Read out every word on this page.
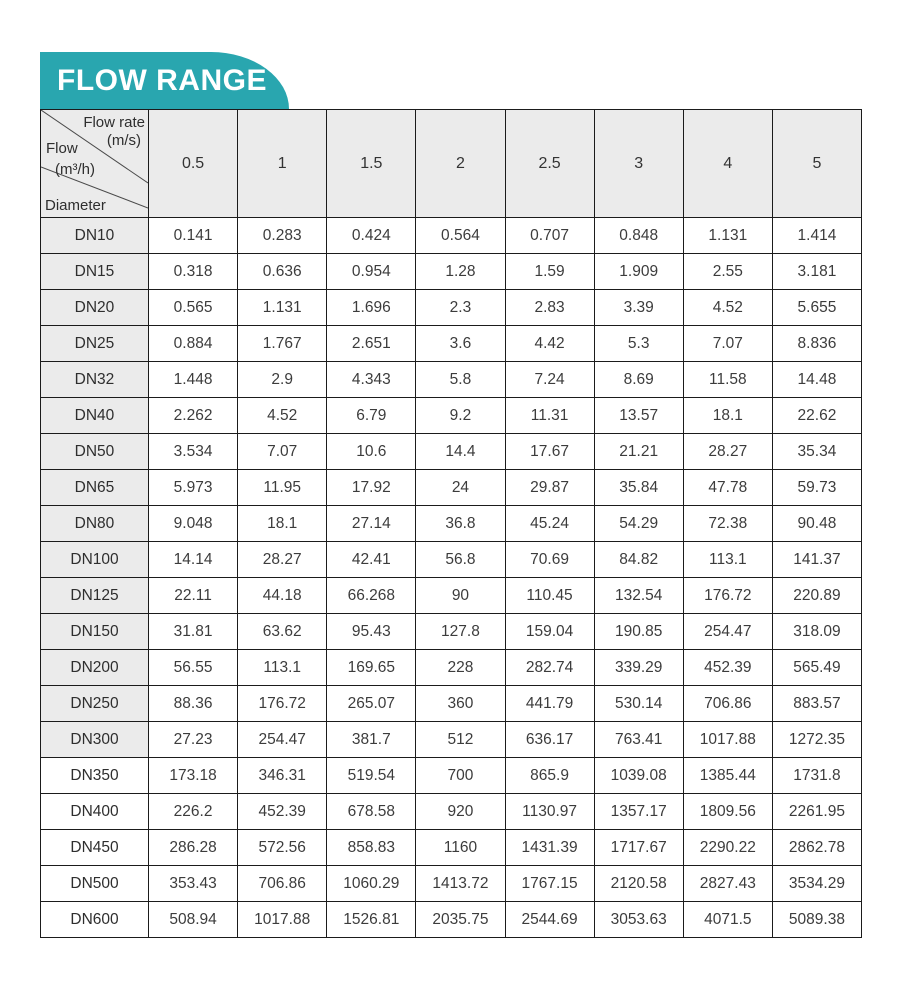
FLOW RANGE
Flow rate
(m/s)
Flow
(m³/h)
Diameter	0.5	1	1.5	2	2.5	3	4	5
DN10	0.141	0.283	0.424	0.564	0.707	0.848	1.131	1.414
DN15	0.318	0.636	0.954	1.28	1.59	1.909	2.55	3.181
DN20	0.565	1.131	1.696	2.3	2.83	3.39	4.52	5.655
DN25	0.884	1.767	2.651	3.6	4.42	5.3	7.07	8.836
DN32	1.448	2.9	4.343	5.8	7.24	8.69	11.58	14.48
DN40	2.262	4.52	6.79	9.2	11.31	13.57	18.1	22.62
DN50	3.534	7.07	10.6	14.4	17.67	21.21	28.27	35.34
DN65	5.973	11.95	17.92	24	29.87	35.84	47.78	59.73
DN80	9.048	18.1	27.14	36.8	45.24	54.29	72.38	90.48
DN100	14.14	28.27	42.41	56.8	70.69	84.82	113.1	141.37
DN125	22.11	44.18	66.268	90	110.45	132.54	176.72	220.89
DN150	31.81	63.62	95.43	127.8	159.04	190.85	254.47	318.09
DN200	56.55	113.1	169.65	228	282.74	339.29	452.39	565.49
DN250	88.36	176.72	265.07	360	441.79	530.14	706.86	883.57
DN300	27.23	254.47	381.7	512	636.17	763.41	1017.88	1272.35
DN350	173.18	346.31	519.54	700	865.9	1039.08	1385.44	1731.8
DN400	226.2	452.39	678.58	920	1130.97	1357.17	1809.56	2261.95
DN450	286.28	572.56	858.83	1160	1431.39	1717.67	2290.22	2862.78
DN500	353.43	706.86	1060.29	1413.72	1767.15	2120.58	2827.43	3534.29
DN600	508.94	1017.88	1526.81	2035.75	2544.69	3053.63	4071.5	5089.38
